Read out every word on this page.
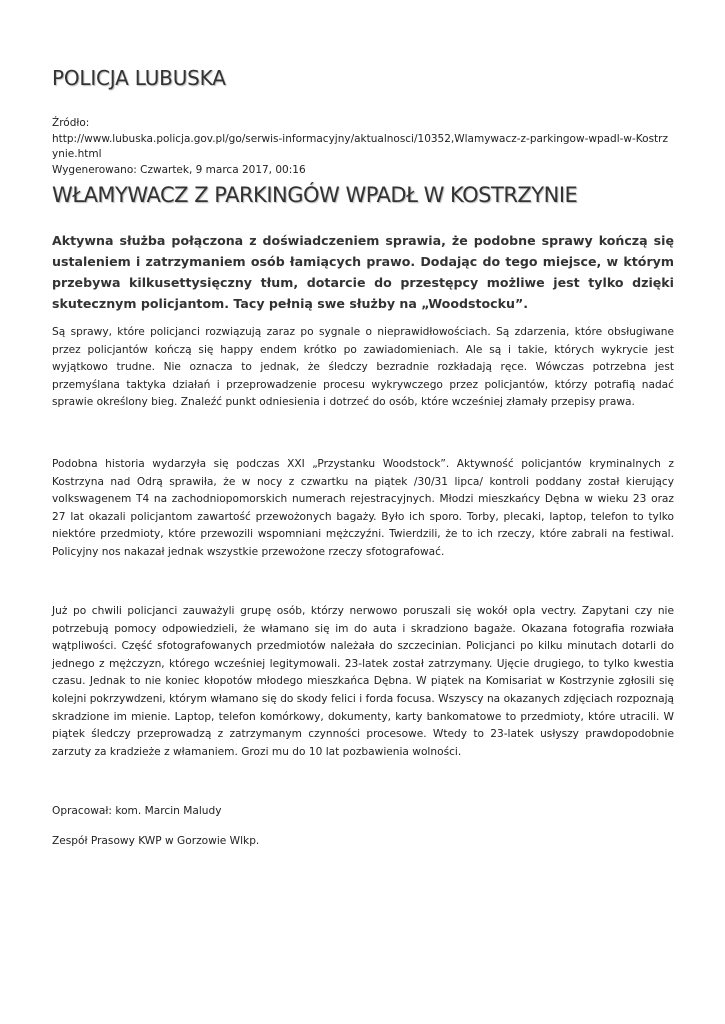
POLICJA LUBUSKA
Źródło:
http://www.lubuska.policja.gov.pl/go/serwis-informacyjny/aktualnosci/10352,Wlamywacz-z-parkingow-wpadl-w-Kostrzynie.html
Wygenerowano: Czwartek, 9 marca 2017, 00:16
WŁAMYWACZ Z PARKINGÓW WPADŁ W KOSTRZYNIE
Aktywna służba połączona z doświadczeniem sprawia, że podobne sprawy kończą się ustaleniem i zatrzymaniem osób łamiących prawo. Dodając do tego miejsce, w którym przebywa kilkusettysięczny tłum, dotarcie do przestępcy możliwe jest tylko dzięki skutecznym policjantom. Tacy pełnią swe służby na „Woodstocku”.
Są sprawy, które policjanci rozwiązują zaraz po sygnale o nieprawidłowościach. Są zdarzenia, które obsługiwane przez policjantów kończą się happy endem krótko po zawiadomieniach. Ale są i takie, których wykrycie jest wyjątkowo trudne. Nie oznacza to jednak, że śledczy bezradnie rozkładają ręce. Wówczas potrzebna jest przemyślana taktyka działań i przeprowadzenie procesu wykrywczego przez policjantów, którzy potrafią nadać sprawie określony bieg. Znaleźć punkt odniesienia i dotrzeć do osób, które wcześniej złamały przepisy prawa.
Podobna historia wydarzyła się podczas XXI „Przystanku Woodstock”. Aktywność policjantów kryminalnych z Kostrzyna nad Odrą sprawiła, że w nocy z czwartku na piątek /30/31 lipca/ kontroli poddany został kierujący volkswagenem T4 na zachodniopomorskich numerach rejestracyjnych. Młodzi mieszkańcy Dębna w wieku 23 oraz 27 lat okazali policjantom zawartość przewożonych bagaży. Było ich sporo. Torby, plecaki, laptop, telefon to tylko niektóre przedmioty, które przewozili wspomniani mężczyźni. Twierdzili, że to ich rzeczy, które zabrali na festiwal. Policyjny nos nakazał jednak wszystkie przewożone rzeczy sfotografować.
Już po chwili policjanci zauważyli grupę osób, którzy nerwowo poruszali się wokół opla vectry. Zapytani czy nie potrzebują pomocy odpowiedzieli, że włamano się im do auta i skradziono bagaże. Okazana fotografia rozwiała wątpliwości. Część sfotografowanych przedmiotów należała do szczecinian. Policjanci po kilku minutach dotarli do jednego z mężczyzn, którego wcześniej legitymowali. 23-latek został zatrzymany. Ujęcie drugiego, to tylko kwestia czasu. Jednak to nie koniec kłopotów młodego mieszkańca Dębna. W piątek na Komisariat w Kostrzynie zgłosili się kolejni pokrzywdzeni, którym włamano się do skody felici i forda focusa. Wszyscy na okazanych zdjęciach rozpoznają skradzione im mienie. Laptop, telefon komórkowy, dokumenty, karty bankomatowe to przedmioty, które utracili. W piątek śledczy przeprowadzą z zatrzymanym czynności procesowe. Wtedy to 23-latek usłyszy prawdopodobnie zarzuty za kradzieże z włamaniem. Grozi mu do 10 lat pozbawienia wolności.
Opracował: kom. Marcin Maludy
Zespół Prasowy KWP w Gorzowie Wlkp.
